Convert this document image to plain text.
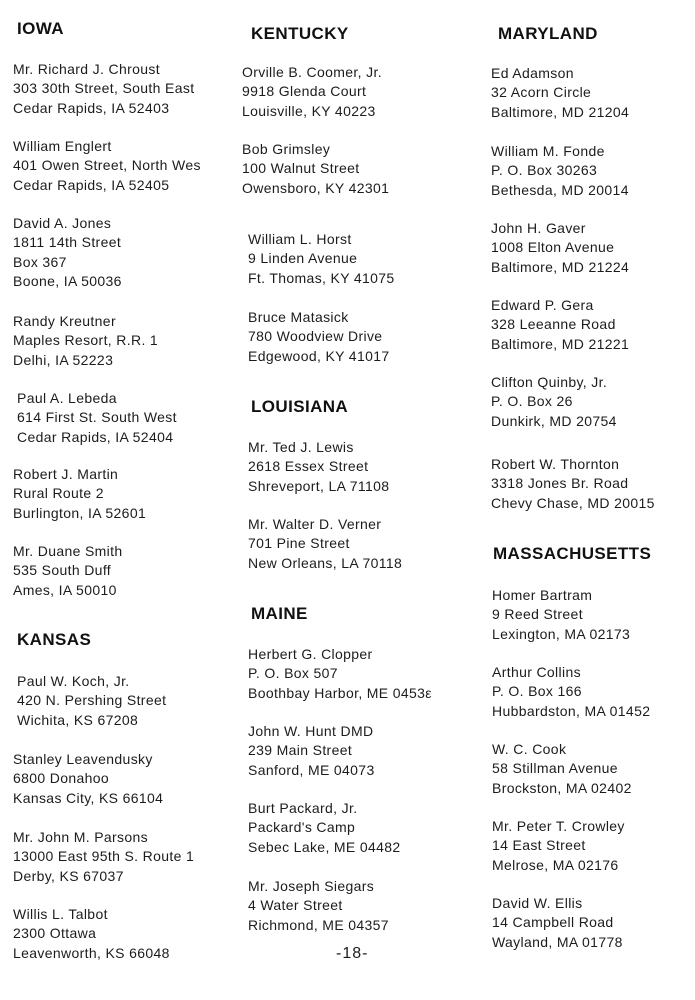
IOWA
Mr. Richard J. Chroust
303 30th Street, South East
Cedar Rapids, IA 52403
William Englert
401 Owen Street, North Wes
Cedar Rapids, IA 52405
David A. Jones
1811 14th Street
Box 367
Boone, IA 50036
Randy Kreutner
Maples Resort, R.R. 1
Delhi, IA 52223
Paul A. Lebeda
614 First St. South West
Cedar Rapids, IA 52404
Robert J. Martin
Rural Route 2
Burlington, IA 52601
Mr. Duane Smith
535 South Duff
Ames, IA 50010
KANSAS
Paul W. Koch, Jr.
420 N. Pershing Street
Wichita, KS 67208
Stanley Leavendusky
6800 Donahoo
Kansas City, KS 66104
Mr. John M. Parsons
13000 East 95th S. Route 1
Derby, KS 67037
Willis L. Talbot
2300 Ottawa
Leavenworth, KS 66048
KENTUCKY
Orville B. Coomer, Jr.
9918 Glenda Court
Louisville, KY 40223
Bob Grimsley
100 Walnut Street
Owensboro, KY 42301
William L. Horst
9 Linden Avenue
Ft. Thomas, KY 41075
Bruce Matasick
780 Woodview Drive
Edgewood, KY 41017
LOUISIANA
Mr. Ted J. Lewis
2618 Essex Street
Shreveport, LA 71108
Mr. Walter D. Verner
701 Pine Street
New Orleans, LA 70118
MAINE
Herbert G. Clopper
P. O. Box 507
Boothbay Harbor, ME 0453ε
John W. Hunt DMD
239 Main Street
Sanford, ME 04073
Burt Packard, Jr.
Packard's Camp
Sebec Lake, ME 04482
Mr. Joseph Siegars
4 Water Street
Richmond, ME 04357
MARYLAND
Ed Adamson
32 Acorn Circle
Baltimore, MD 21204
William M. Fonde
P. O. Box 30263
Bethesda, MD 20014
John H. Gaver
1008 Elton Avenue
Baltimore, MD 21224
Edward P. Gera
328 Leeanne Road
Baltimore, MD 21221
Clifton Quinby, Jr.
P. O. Box 26
Dunkirk, MD 20754
Robert W. Thornton
3318 Jones Br. Road
Chevy Chase, MD 20015
MASSACHUSETTS
Homer Bartram
9 Reed Street
Lexington, MA 02173
Arthur Collins
P. O. Box 166
Hubbardston, MA 01452
W. C. Cook
58 Stillman Avenue
Brockston, MA 02402
Mr. Peter T. Crowley
14 East Street
Melrose, MA 02176
David W. Ellis
14 Campbell Road
Wayland, MA 01778
-18-
